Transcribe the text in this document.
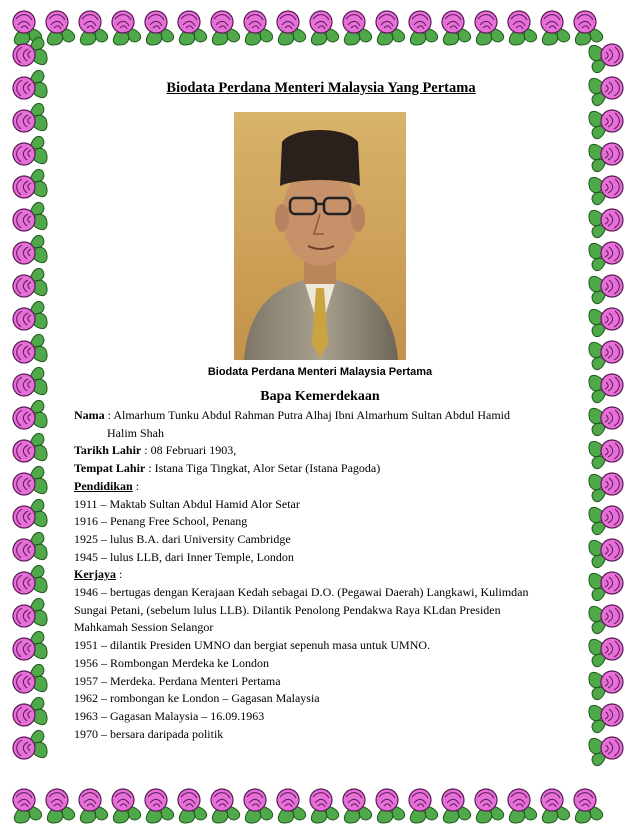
Biodata Perdana Menteri Malaysia Yang Pertama
Biodata Perdana Menteri Malaysia Pertama
Bapa Kemerdekaan
Nama : Almarhum Tunku Abdul Rahman Putra Alhaj Ibni Almarhum Sultan Abdul Hamid
Halim Shah
Tarikh Lahir : 08 Februari 1903,
Tempat Lahir : Istana Tiga Tingkat, Alor Setar (Istana Pagoda)
Pendidikan :
1911 – Maktab Sultan Abdul Hamid Alor Setar
1916 – Penang Free School, Penang
1925 – lulus B.A. dari University Cambridge
1945 – lulus LLB, dari Inner Temple, London
Kerjaya :
1946 – bertugas dengan Kerajaan Kedah sebagai D.O. (Pegawai Daerah) Langkawi, Kulimdan
Sungai Petani, (sebelum lulus LLB). Dilantik Penolong Pendakwa Raya KLdan Presiden
Mahkamah Session Selangor
1951 – dilantik Presiden UMNO dan bergiat sepenuh masa untuk UMNO.
1956 – Rombongan Merdeka ke London
1957 – Merdeka. Perdana Menteri Pertama
1962 – rombongan ke London – Gagasan Malaysia
1963 – Gagasan Malaysia – 16.09.1963
1970 – bersara daripada politik
